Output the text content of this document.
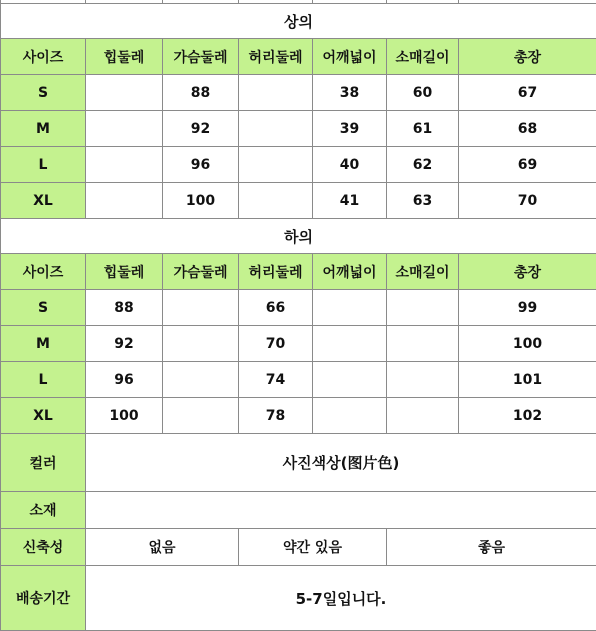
상의						
사이즈	힙둘레	가슴둘레	허리둘레	어깨넓이	소매길이	총장
S		88		38	60	67
M		92		39	61	68
L		96		40	62	69
XL		100		41	63	70
하의						
사이즈	힙둘레	가슴둘레	허리둘레	어깨넓이	소매길이	총장
S	88		66			99
M	92		70			100
L	96		74			101
XL	100		78			102
컬러	사진색상(图片色)					
소재						
신축성	없음		약간 있음		좋음	
배송기간	5-7일입니다.					
